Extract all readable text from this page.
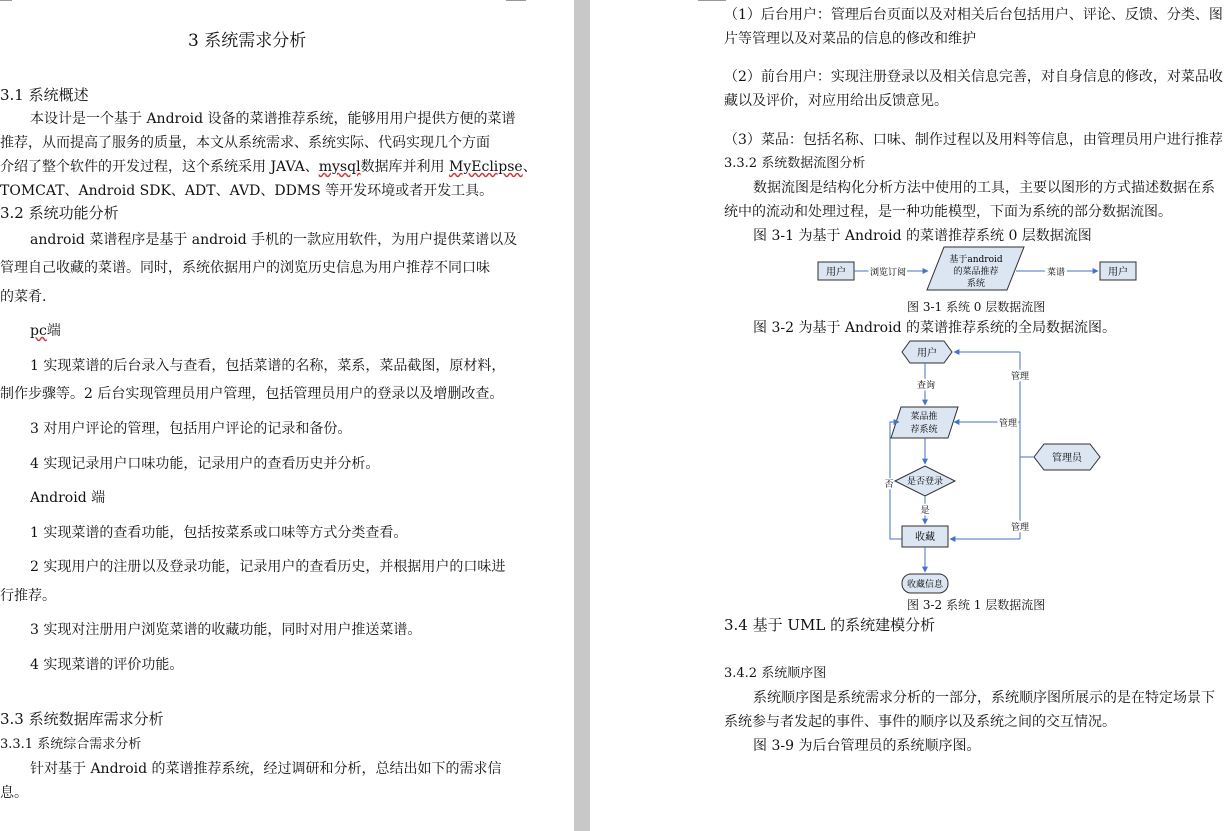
3 系统需求分析
3.1 系统概述
本设计是一个基于 Android 设备的菜谱推荐系统，能够用用户提供方便的菜谱
推荐，从而提高了服务的质量，本文从系统需求、系统实际、代码实现几个方面
介绍了整个软件的开发过程，这个系统采用 JAVA、mysql数据库并利用 MyEclipse、
TOMCAT、Android SDK、ADT、AVD、DDMS 等开发环境或者开发工具。
3.2 系统功能分析
android 菜谱程序是基于 android 手机的一款应用软件，为用户提供菜谱以及
管理自己收藏的菜谱。同时，系统依据用户的浏览历史信息为用户推荐不同口味
的菜肴.
pc端
1 实现菜谱的后台录入与查看，包括菜谱的名称，菜系，菜品截图，原材料，
制作步骤等。2 后台实现管理员用户管理，包括管理员用户的登录以及增删改查。
3 对用户评论的管理，包括用户评论的记录和备份。
4 实现记录用户口味功能，记录用户的查看历史并分析。
Android 端
1 实现菜谱的查看功能，包括按菜系或口味等方式分类查看。
2 实现用户的注册以及登录功能，记录用户的查看历史，并根据用户的口味进
行推荐。
3 实现对注册用户浏览菜谱的收藏功能，同时对用户推送菜谱。
4 实现菜谱的评价功能。
3.3 系统数据库需求分析
3.3.1 系统综合需求分析
针对基于 Android 的菜谱推荐系统，经过调研和分析，总结出如下的需求信
息。
（1）后台用户：管理后台页面以及对相关后台包括用户、评论、反馈、分类、图
片等管理以及对菜品的信息的修改和维护
（2）前台用户：实现注册登录以及相关信息完善，对自身信息的修改，对菜品收
藏以及评价，对应用给出反馈意见。
（3）菜品：包括名称、口味、制作过程以及用料等信息，由管理员用户进行推荐
3.3.2 系统数据流图分析
数据流图是结构化分析方法中使用的工具，主要以图形的方式描述数据在系
统中的流动和处理过程，是一种功能模型，下面为系统的部分数据流图。
图 3-1 为基于 Android 的菜谱推荐系统 0 层数据流图
用户	浏览订阅
基于android
的菜品推荐
系统
菜谱	用户
图 3-1 系统 0 层数据流图
图 3-2 为基于 Android 的菜谱推荐系统的全局数据流图。
用户
查询
菜品推
荐系统
是否登录
是
否
收藏
收藏信息
管理员
管理
管理
管理
图 3-2 系统 1 层数据流图
3.4 基于 UML 的系统建模分析
3.4.2 系统顺序图
系统顺序图是系统需求分析的一部分，系统顺序图所展示的是在特定场景下
系统参与者发起的事件、事件的顺序以及系统之间的交互情况。
图 3-9 为后台管理员的系统顺序图。
